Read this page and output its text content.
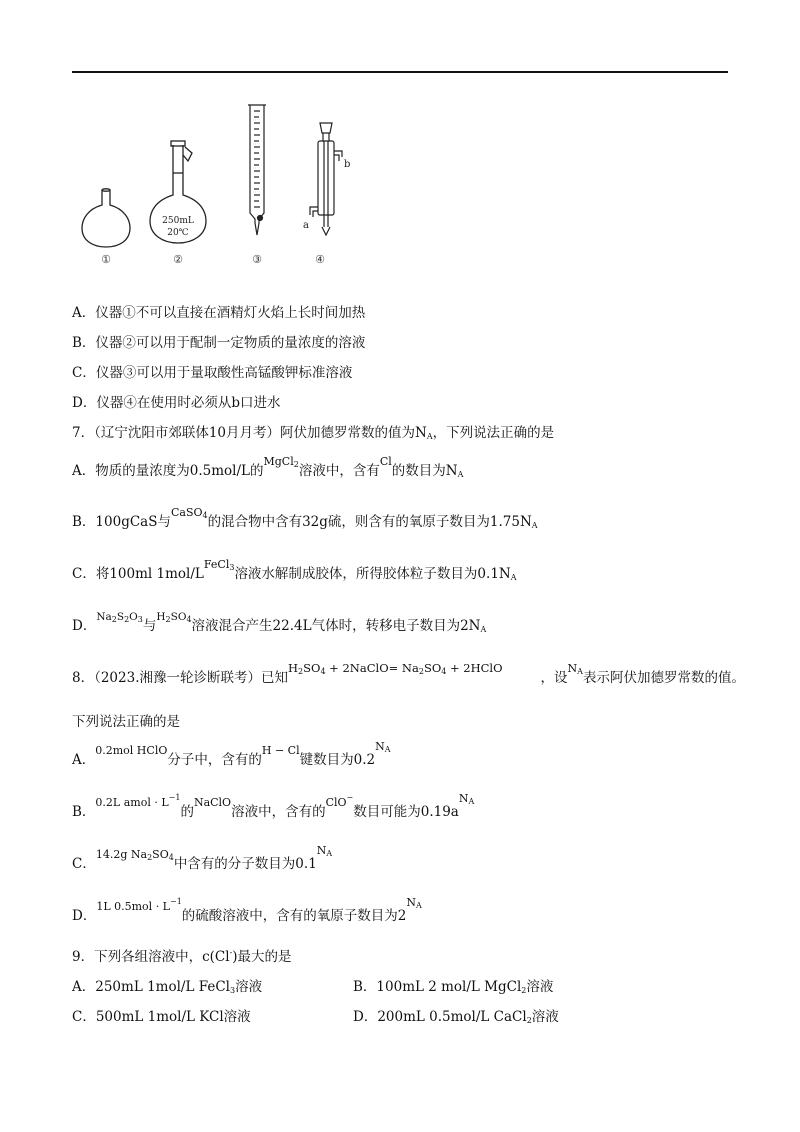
250mL
20℃
b
a
①	②	③	④
A．仪器①不可以直接在酒精灯火焰上长时间加热
B．仪器②可以用于配制一定物质的量浓度的溶液
C．仪器③可以用于量取酸性高锰酸钾标准溶液
D．仪器④在使用时必须从b口进水
7．（辽宁沈阳市郊联体10月月考）阿伏加德罗常数的值为$N_A$，下列说法正确的是
A．物质的量浓度为0.5mol/L的MgCl$_2$溶液中，含有Cl的数目为$N_A$
B．100gCaS与CaSO$_4$的混合物中含有32g硫，则含有的氧原子数目为$1.75N_A$
C．将100ml 1mol/LFeCl$_3$溶液水解制成胶体，所得胶体粒子数目为$0.1N_A$
D．$Na_2S_2O_3$与$H_2SO_4$溶液混合产生22.4L气体时，转移电子数目为$2N_A$
8．（2023.湘豫一轮诊断联考）已知$H_2SO_4$ + 2NaClO= $Na_2SO_4$ + 2HClO，设$N_A$表示阿伏加德罗常数的值。
下列说法正确的是
A．0.2mol HClO分子中，含有的H − Cl键数目为$0.2N_A$
B．0.2L amol · $L^{-1}$的NaClO溶液中，含有的ClO−数目可能为$0.19aN_A$
C．14.2g $Na_2SO_4$中含有的分子数目为$0.1N_A$
D．1L $0.5mol \cdot L^{-1}$的硫酸溶液中，含有的氧原子数目为$2N_A$
9．下列各组溶液中，c(Cl-)最大的是
A．250mL 1mol/L FeCl$_3$溶液	B．100mL 2 mol/L MgCl$_2$溶液
C．500mL 1mol/L KCl溶液	D．200mL 0.5mol/L CaCl$_2$溶液
